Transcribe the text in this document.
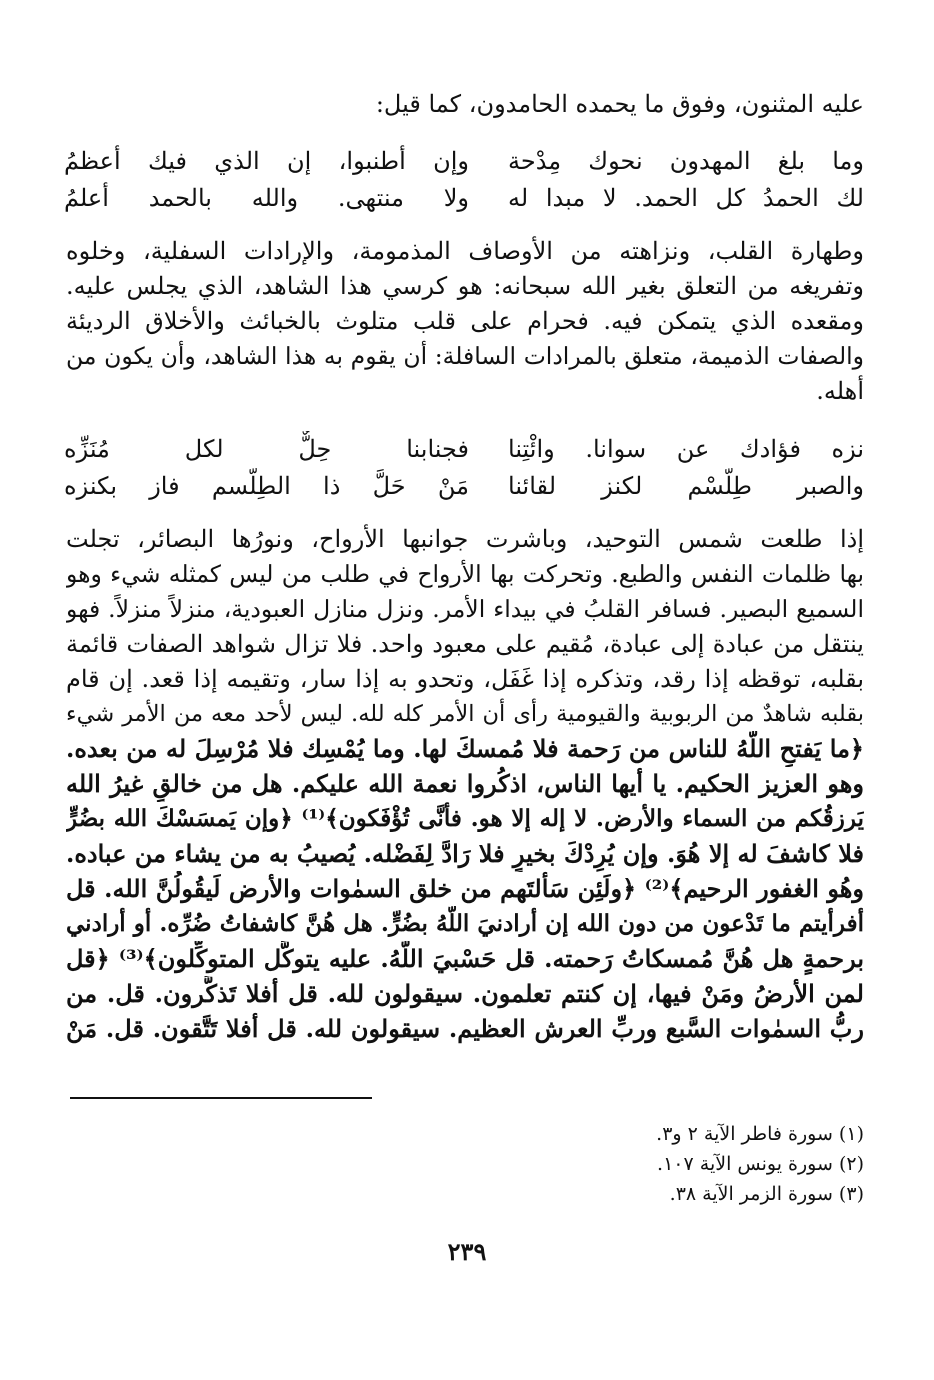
عليه المثنون، وفوق ما يحمده الحامدون، كما قيل:
وما بلغ المهدون نحوك مِدْحة
وإن أطنبوا، إن الذي فيك أعظمُ
لك الحمدُ كل الحمد. لا مبدا له
ولا منتهى. والله بالحمد أعلمُ
وطهارة القلب، ونزاهته من الأوصاف المذمومة، والإرادات السفلية، وخلوه
وتفريغه من التعلق بغير الله سبحانه: هو كرسي هذا الشاهد، الذي يجلس عليه.
ومقعده الذي يتمكن فيه. فحرام على قلب متلوث بالخبائث والأخلاق الرديئة
والصفات الذميمة، متعلق بالمرادات السافلة: أن يقوم به هذا الشاهد، وأن يكون من
أهله.
نزه فؤادك عن سوانا. وائْتِنا
فجنابنا حِلٌّ لكل مُنَزِّه
والصبر طِلَّسْم لكنز لقائنا
مَنْ حَلَّ ذا الطِلَّسم فاز بكنزه
إذا طلعت شمس التوحيد، وباشرت جوانبها الأرواح، ونورُها البصائر، تجلت
بها ظلمات النفس والطبع. وتحركت بها الأرواح في طلب من ليس كمثله شيء وهو
السميع البصير. فسافر القلبُ في بيداء الأمر. ونزل منازل العبودية، منزلاً منزلاً. فهو
ينتقل من عبادة إلى عبادة، مُقيم على معبود واحد. فلا تزال شواهد الصفات قائمة
بقلبه، توقظه إذا رقد، وتذكره إذا غَفَل، وتحدو به إذا سار، وتقيمه إذا قعد. إن قام
بقلبه شاهدٌ من الربوبية والقيومية رأى أن الأمر كله لله. ليس لأحد معه من الأمر شيء
﴿ما يَفتحِ اللَّهُ للناس من رَحمة فلا مُمسكَ لها. وما يُمْسِك فلا مُرْسِلَ له من بعده.
وهو العزيز الحكيم. يا أيها الناس، اذكُروا نعمة الله عليكم. هل من خالقٍ غيرُ الله
يَرزقُكم من السماء والأرض. لا إله إلا هو. فأنَّى تُؤْفَكون﴾⁽¹⁾ ﴿وإن يَمسَسْكَ الله بضُرٍّ
فلا كاشفَ له إلا هُوَ. وإن يُرِدْكَ بخيرٍ فلا رَادَّ لِفَضْله. يُصيبُ به من يشاء من عباده.
وهُو الغفور الرحيم﴾⁽²⁾ ﴿ولَئِن سَألتَهم من خلق السمٰوات والأرض لَيقُولُنَّ الله. قل
أفرأيتم ما تَدْعون من دون الله إن أرادنيَ اللَّهُ بضُرٍّ. هل هُنَّ كاشفاتُ ضُرِّه. أو أرادني
برحمةٍ هل هُنَّ مُمسكاتُ رَحمته. قل حَسْبيَ اللَّهُ. عليه يتوكَّل المتوكِّلون﴾⁽³⁾ ﴿قل
لمن الأرضُ ومَنْ فيها، إن كنتم تعلمون. سيقولون لله. قل أفلا تَذكَّرون. قل. من
ربُّ السمٰوات السَّبع وربِّ العرش العظيم. سيقولون لله. قل أفلا تَتَّقون. قل. مَنْ
(١) سورة فاطر الآية ٢ و٣.
(٢) سورة يونس الآية ١٠٧.
(٣) سورة الزمر الآية ٣٨.
٢٣٩
